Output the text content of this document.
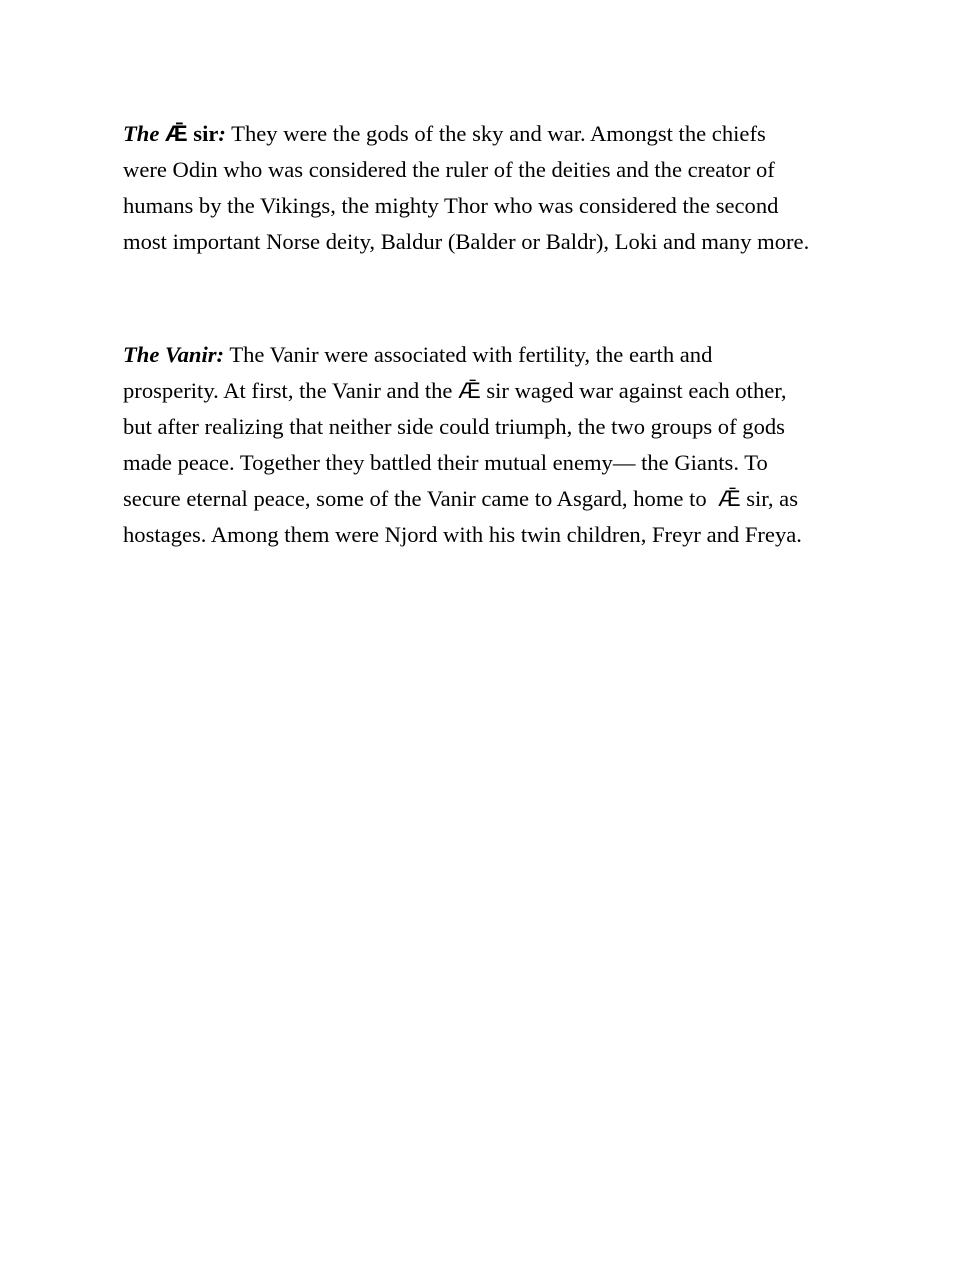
The Ǣ sir: They were the gods of the sky and war. Amongst the chiefs
were Odin who was considered the ruler of the deities and the creator of
humans by the Vikings, the mighty Thor who was considered the second
most important Norse deity, Baldur (Balder or Baldr), Loki and many more.

The Vanir: The Vanir were associated with fertility, the earth and
prosperity. At first, the Vanir and the Ǣ sir waged war against each other,
but after realizing that neither side could triumph, the two groups of gods
made peace. Together they battled their mutual enemy— the Giants. To
secure eternal peace, some of the Vanir came to Asgard, home to  Ǣ sir, as
hostages. Among them were Njord with his twin children, Freyr and Freya.
